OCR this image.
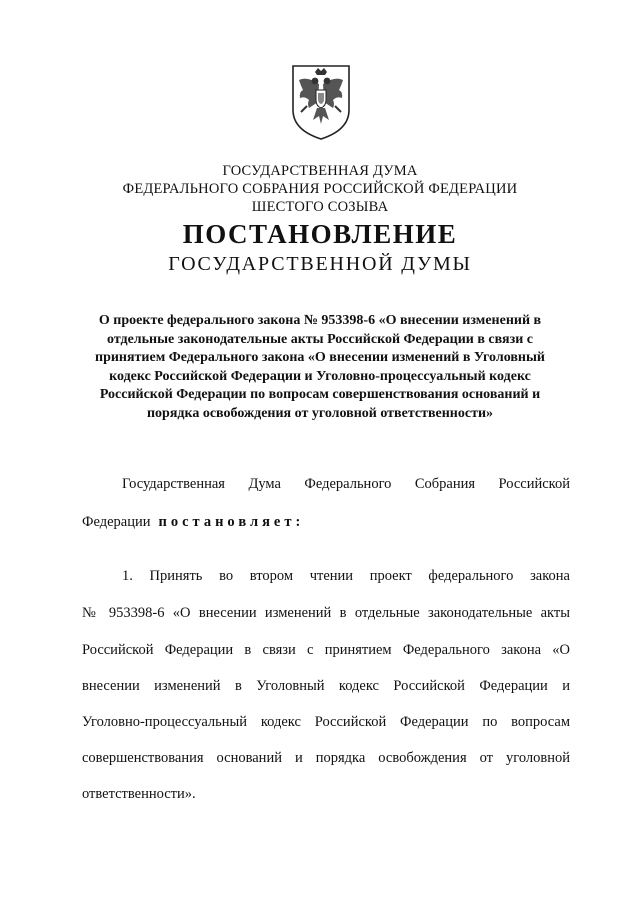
ГОСУДАРСТВЕННАЯ ДУМА
ФЕДЕРАЛЬНОГО СОБРАНИЯ РОССИЙСКОЙ ФЕДЕРАЦИИ
ШЕСТОГО СОЗЫВА
ПОСТАНОВЛЕНИЕ
ГОСУДАРСТВЕННОЙ ДУМЫ
О проекте федерального закона № 953398-6 «О внесении изменений в
отдельные законодательные акты Российской Федерации в связи с
принятием Федерального закона «О внесении изменений в Уголовный
кодекс Российской Федерации и Уголовно-процессуальный кодекс
Российской Федерации по вопросам совершенствования оснований и
порядка освобождения от уголовной ответственности»
Государственная Дума Федерального Собрания Российской
Федерации постановляет:
1. Принять во втором чтении проект федерального закона
№ 953398-6 «О внесении изменений в отдельные законодательные акты
Российской Федерации в связи с принятием Федерального закона «О
внесении изменений в Уголовный кодекс Российской Федерации и
Уголовно-процессуальный кодекс Российской Федерации по вопросам
совершенствования оснований и порядка освобождения от уголовной
ответственности».
